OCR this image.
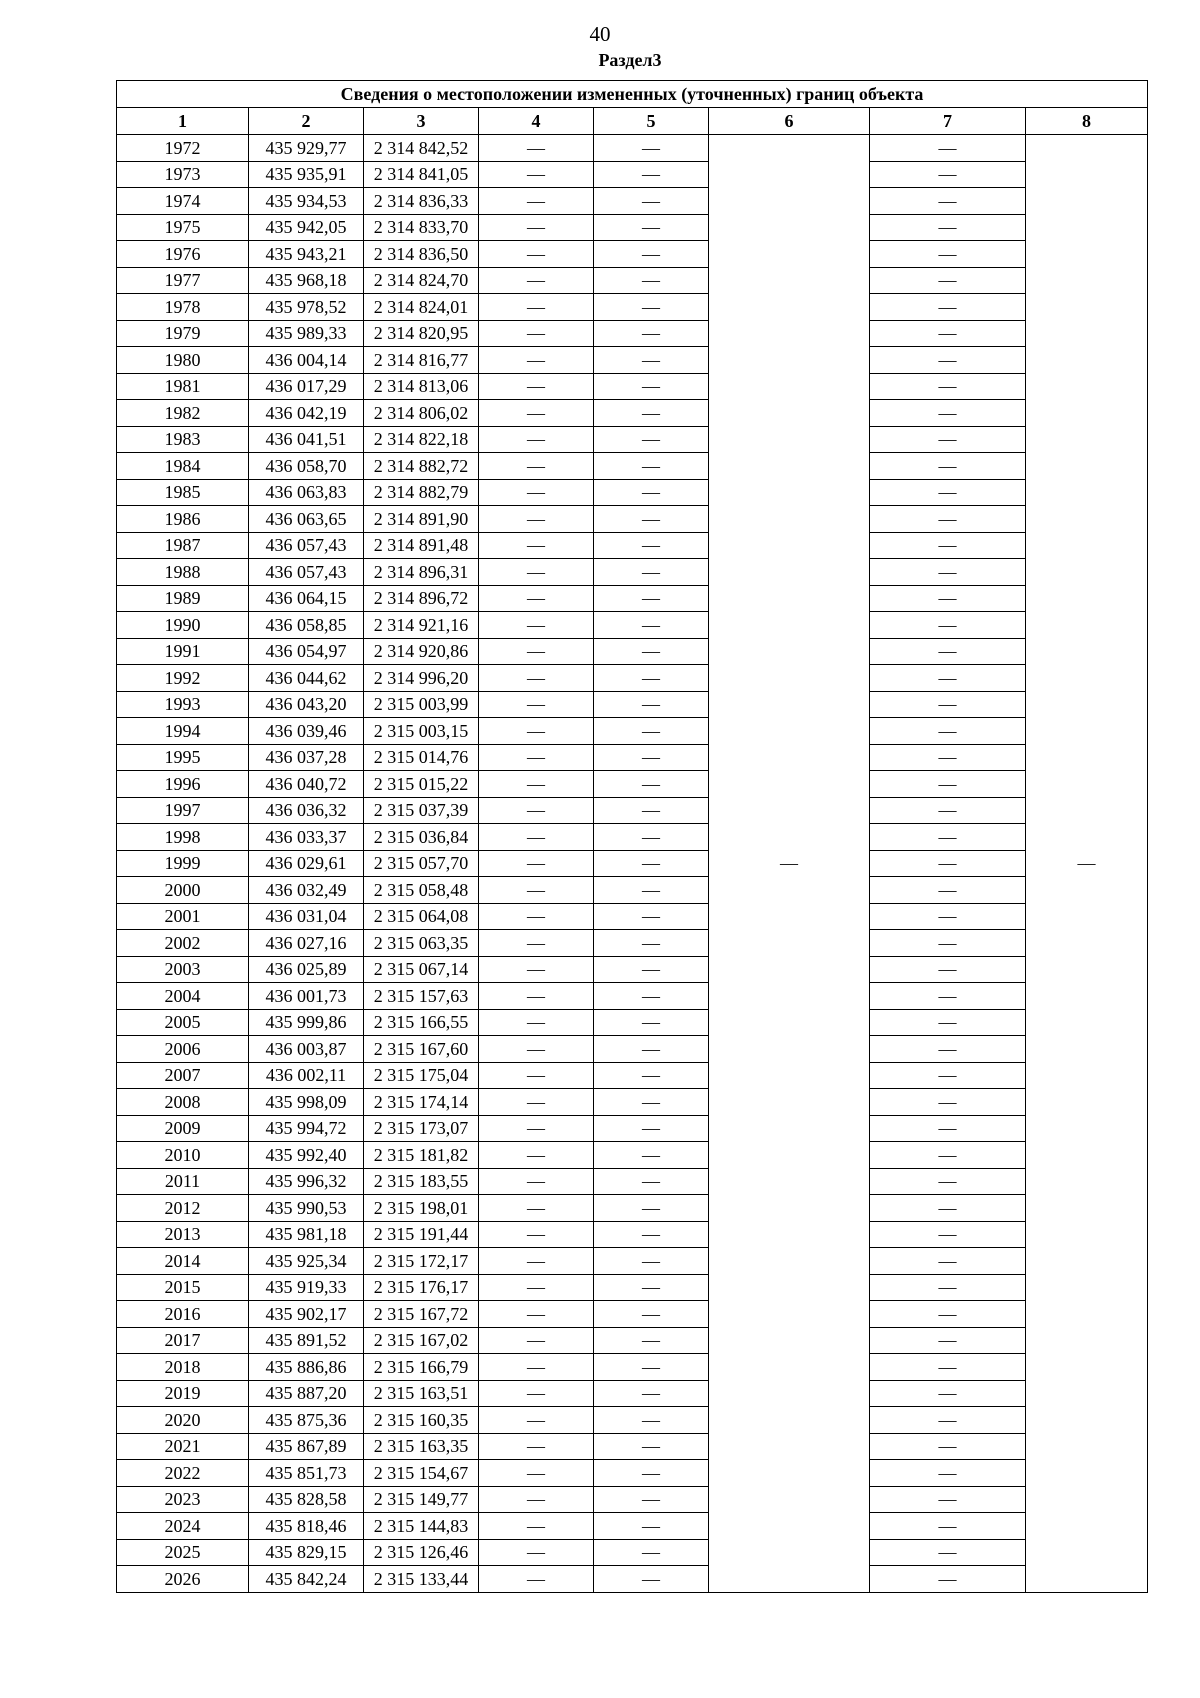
40
Раздел3
Сведения о местоположении измененных (уточненных) границ объекта							
1	2	3	4	5	6	7	8
1972	435 929,77	2 314 842,52	—	—	—	—	—
1973	435 935,91	2 314 841,05	—	—		—	
1974	435 934,53	2 314 836,33	—	—		—	
1975	435 942,05	2 314 833,70	—	—		—	
1976	435 943,21	2 314 836,50	—	—		—	
1977	435 968,18	2 314 824,70	—	—		—	
1978	435 978,52	2 314 824,01	—	—		—	
1979	435 989,33	2 314 820,95	—	—		—	
1980	436 004,14	2 314 816,77	—	—		—	
1981	436 017,29	2 314 813,06	—	—		—	
1982	436 042,19	2 314 806,02	—	—		—	
1983	436 041,51	2 314 822,18	—	—		—	
1984	436 058,70	2 314 882,72	—	—		—	
1985	436 063,83	2 314 882,79	—	—		—	
1986	436 063,65	2 314 891,90	—	—		—	
1987	436 057,43	2 314 891,48	—	—		—	
1988	436 057,43	2 314 896,31	—	—		—	
1989	436 064,15	2 314 896,72	—	—		—	
1990	436 058,85	2 314 921,16	—	—		—	
1991	436 054,97	2 314 920,86	—	—		—	
1992	436 044,62	2 314 996,20	—	—		—	
1993	436 043,20	2 315 003,99	—	—		—	
1994	436 039,46	2 315 003,15	—	—		—	
1995	436 037,28	2 315 014,76	—	—		—	
1996	436 040,72	2 315 015,22	—	—		—	
1997	436 036,32	2 315 037,39	—	—		—	
1998	436 033,37	2 315 036,84	—	—		—	
1999	436 029,61	2 315 057,70	—	—		—	
2000	436 032,49	2 315 058,48	—	—		—	
2001	436 031,04	2 315 064,08	—	—		—	
2002	436 027,16	2 315 063,35	—	—		—	
2003	436 025,89	2 315 067,14	—	—		—	
2004	436 001,73	2 315 157,63	—	—		—	
2005	435 999,86	2 315 166,55	—	—		—	
2006	436 003,87	2 315 167,60	—	—		—	
2007	436 002,11	2 315 175,04	—	—		—	
2008	435 998,09	2 315 174,14	—	—		—	
2009	435 994,72	2 315 173,07	—	—		—	
2010	435 992,40	2 315 181,82	—	—		—	
2011	435 996,32	2 315 183,55	—	—		—	
2012	435 990,53	2 315 198,01	—	—		—	
2013	435 981,18	2 315 191,44	—	—		—	
2014	435 925,34	2 315 172,17	—	—		—	
2015	435 919,33	2 315 176,17	—	—		—	
2016	435 902,17	2 315 167,72	—	—		—	
2017	435 891,52	2 315 167,02	—	—		—	
2018	435 886,86	2 315 166,79	—	—		—	
2019	435 887,20	2 315 163,51	—	—		—	
2020	435 875,36	2 315 160,35	—	—		—	
2021	435 867,89	2 315 163,35	—	—		—	
2022	435 851,73	2 315 154,67	—	—		—	
2023	435 828,58	2 315 149,77	—	—		—	
2024	435 818,46	2 315 144,83	—	—		—	
2025	435 829,15	2 315 126,46	—	—		—	
2026	435 842,24	2 315 133,44	—	—		—	
